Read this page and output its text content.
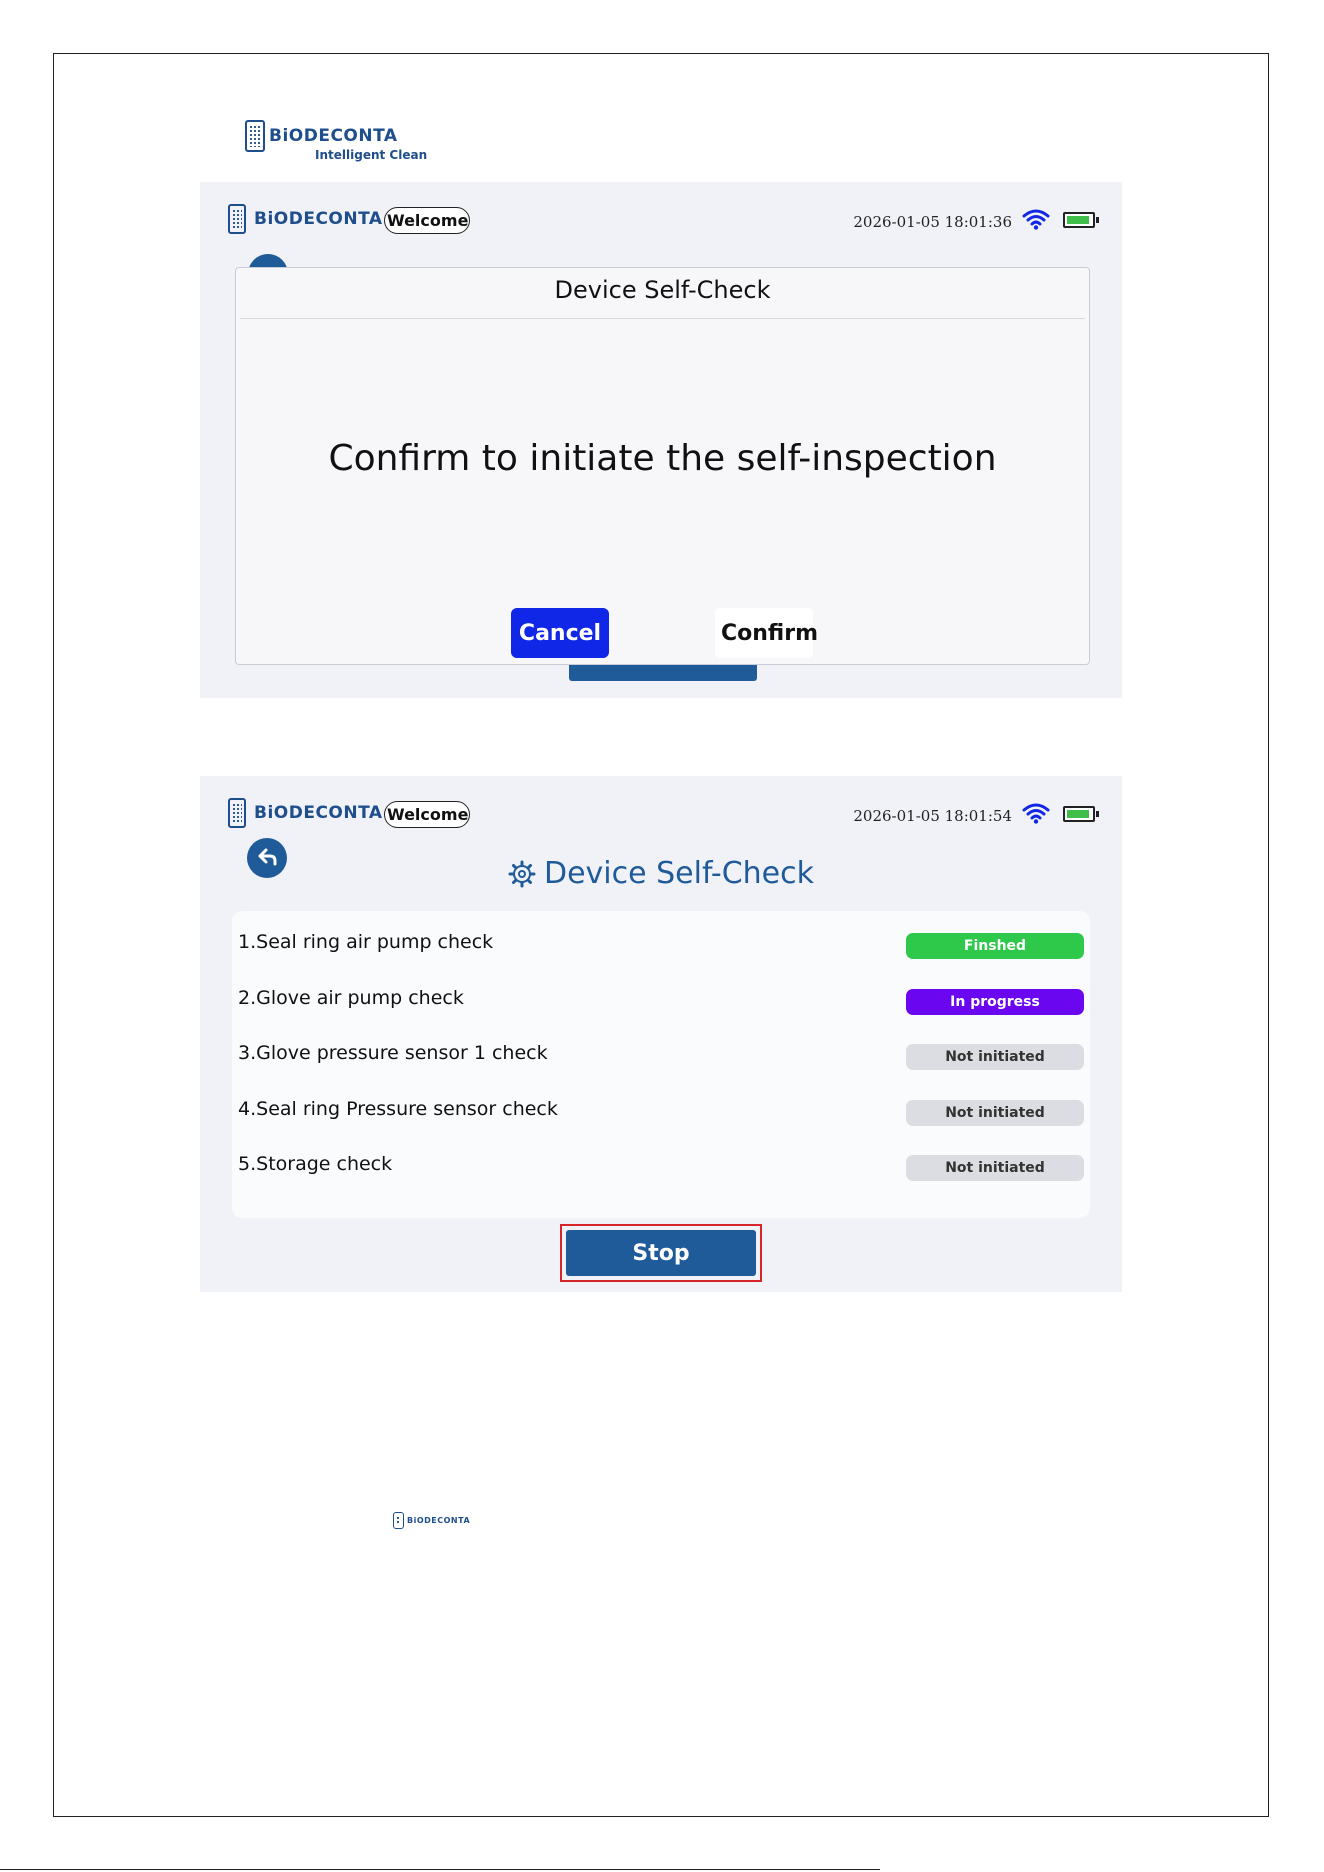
BiODECONTA
Intelligent Clean
BiODECONTA Welcome	2026-01-05 18:01:36
Device Self-Check
Confirm to initiate the self-inspection
Cancel	Confirm
BiODECONTA Welcome	2026-01-05 18:01:54
Device Self-Check
1.Seal ring air pump check	Finshed
2.Glove air pump check	In progress
3.Glove pressure sensor 1 check	Not initiated
4.Seal ring Pressure sensor check	Not initiated
5.Storage check	Not initiated
Stop
BiODECONTA
